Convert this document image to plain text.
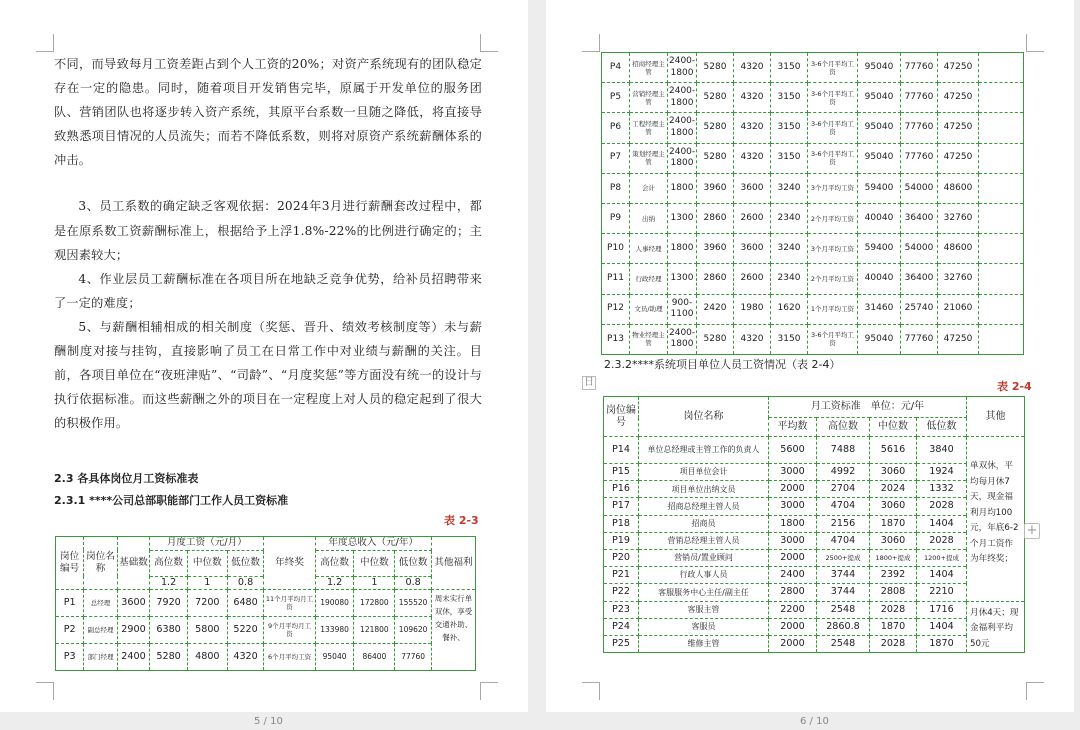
不同，而导致每月工资差距占到个人工资的20%；对资产系统现有的团队稳定存在一定的隐患。同时，随着项目开发销售完毕，原属于开发单位的服务团队、营销团队也将逐步转入资产系统，其原平台系数一旦随之降低，将直接导致熟悉项目情况的人员流失；而若不降低系数，则将对原资产系统薪酬体系的冲击。

3、员工系数的确定缺乏客观依据：2024年3月进行薪酬套改过程中，都是在原系数工资薪酬标准上，根据给予上浮1.8%-22%的比例进行确定的；主观因素较大；

4、作业层员工薪酬标准在各项目所在地缺乏竞争优势，给补员招聘带来了一定的难度；

5、与薪酬相辅相成的相关制度（奖惩、晋升、绩效考核制度等）未与薪酬制度对接与挂钩，直接影响了员工在日常工作中对业绩与薪酬的关注。目前，各项目单位在“夜班津贴”、“司龄”、“月度奖惩”等方面没有统一的设计与执行依据标准。而这些薪酬之外的项目在一定程度上对人员的稳定起到了很大的积极作用。

2.3 各具体岗位月工资标准表
2.3.1 ****公司总部职能部门工作人员工资标准
表 2-3
岗位编号	岗位名称	基础数	月度工资（元/月）			年终奖	年度总收入（元/年）			其他福利
			高位数	中位数	低位数		高位数	中位数	低位数	
			1.2	1	0.8		1.2	1	0.8	
P1	总经理	3600	7920	7200	6480	11个月平均月工资	190080	172800	155520	周末实行单双休，享受交通补助、餐补、
P2	副总经理	2900	6380	5800	5220	9个月平均月工资	133980	121800	109620	
P3	部门经理	2400	5280	4800	4320	6个月平均工资	95040	86400	77760	
5 / 10
P4	招商经理主管	2400-1800	5280	4320	3150	3-6个月平均工资	95040	77760	47250	
P5	营销经理主管	2400-1800	5280	4320	3150	3-6个月平均工资	95040	77760	47250	
P6	工程经理主管	2400-1800	5280	4320	3150	3-6个月平均工资	95040	77760	47250	
P7	策划经理主管	2400-1800	5280	4320	3150	3-6个月平均工资	95040	77760	47250	
P8	会计	1800	3960	3600	3240	3个月平均工资	59400	54000	48600	
P9	出纳	1300	2860	2600	2340	2个月平均工资	40040	36400	32760	
P10	人事经理	1800	3960	3600	3240	3个月平均工资	59400	54000	48600	
P11	行政经理	1300	2860	2600	2340	2个月平均工资	40040	36400	32760	
P12	文员/助理	900-1100	2420	1980	1620	1个月平均工资	31460	25740	21060	
P13	物业经理主管	2400-1800	5280	4320	3150	3-6个月平均工资	95040	77760	47250	
2.3.2****系统项目单位人员工资情况（表 2-4）
日	表 2-4
岗位编号	岗位名称	月工资标准　单位：元/年				其他
		平均数	高位数	中位数	低位数	
P14	单位总经理或主管工作的负责人	5600	7488	5616	3840	单双休，平均每月休7天，现金福利月均100元，年底6-2个月工资作为年终奖；
P15	项目单位会计	3000	4992	3060	1924	
P16	项目单位出纳文员	2000	2704	2024	1332	
P17	招商总经理主管人员	3000	4704	3060	2028	
P18	招商员	1800	2156	1870	1404	
P19	营销总经理主管人员	3000	4704	3060	2028	
P20	营销员/置业顾问	2000	2500+提成	1800+提成	1200+提成	
P21	行政人事人员	2400	3744	2392	1404	
P22	客服服务中心主任/副主任	2800	3744	2808	2210	
P23	客服主管	2200	2548	2028	1716	月休4天；现金福利平均50元
P24	客服员	2000	2860.8	1870	1404	
P25	维修主管	2000	2548	2028	1870	
+
6 / 10
